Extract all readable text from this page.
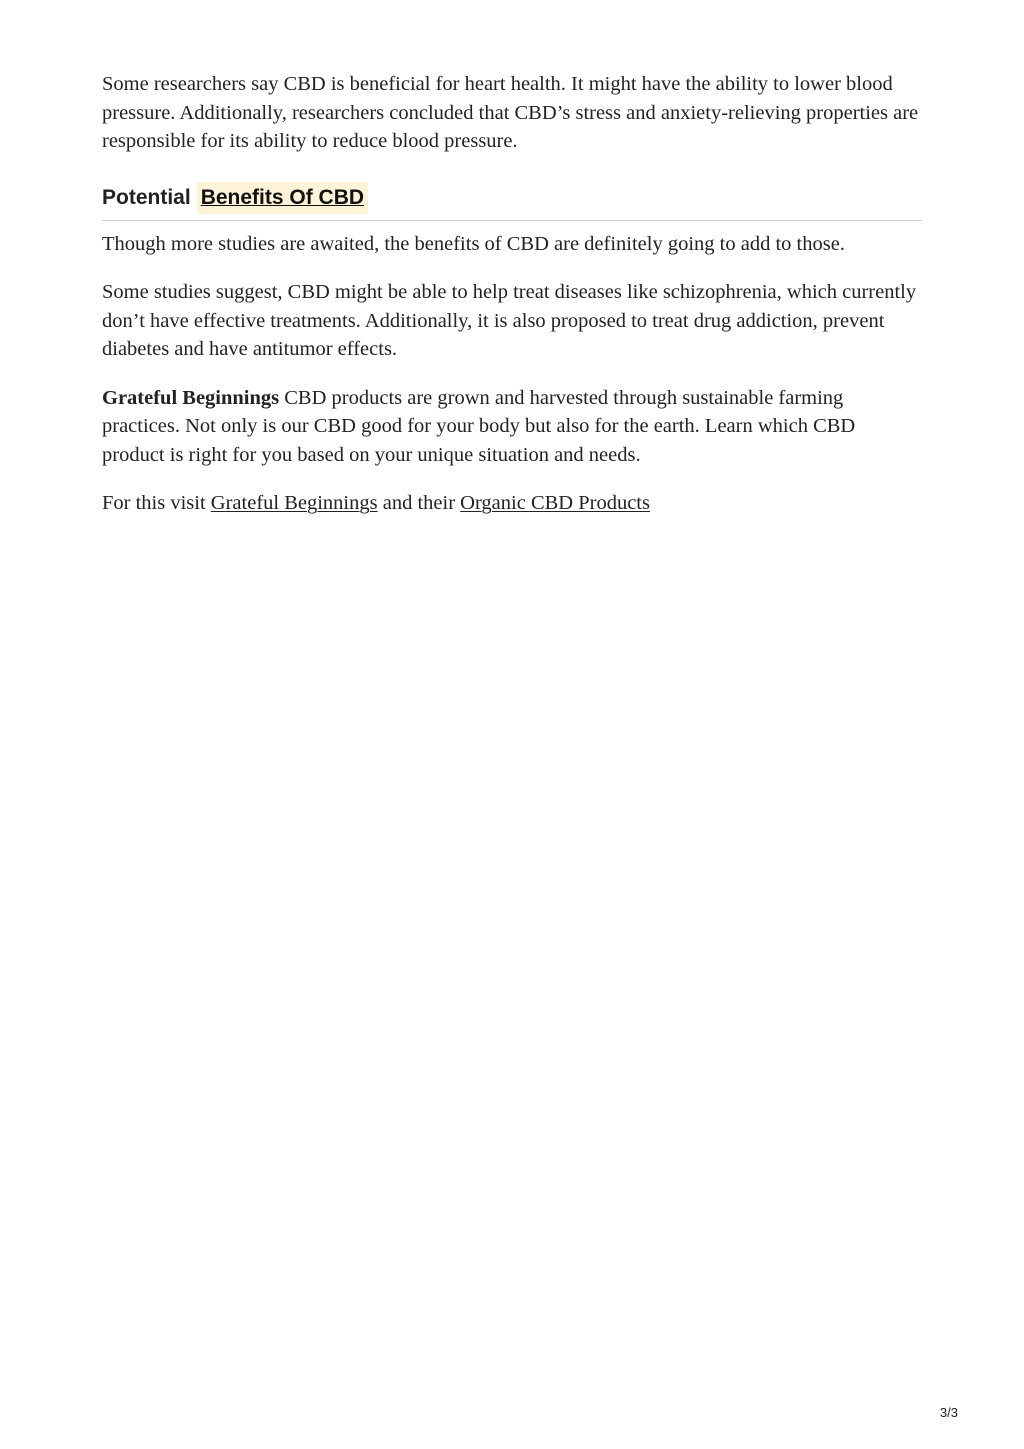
Some researchers say CBD is beneficial for heart health. It might have the ability to lower blood pressure. Additionally, researchers concluded that CBD’s stress and anxiety-relieving properties are responsible for its ability to reduce blood pressure.

Potential Benefits Of CBD

Though more studies are awaited, the benefits of CBD are definitely going to add to those.

Some studies suggest, CBD might be able to help treat diseases like schizophrenia, which currently don’t have effective treatments. Additionally, it is also proposed to treat drug addiction, prevent diabetes and have antitumor effects.

Grateful Beginnings CBD products are grown and harvested through sustainable farming practices. Not only is our CBD good for your body but also for the earth. Learn which CBD product is right for you based on your unique situation and needs.

For this visit Grateful Beginnings and their Organic CBD Products

3/3
